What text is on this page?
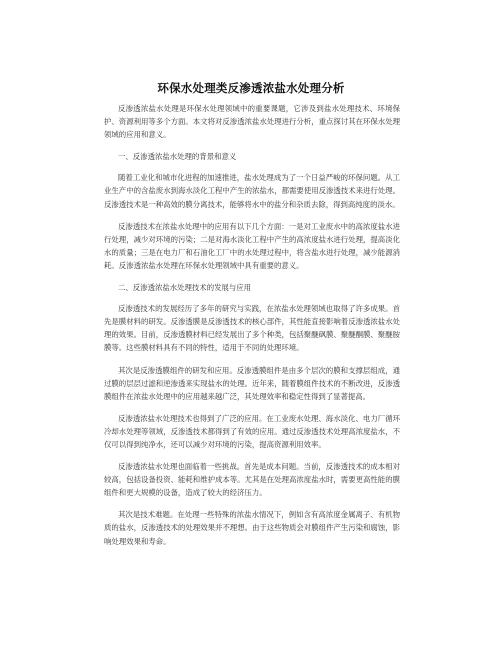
环保水处理类反渗透浓盐水处理分析

反渗透浓盐水处理是环保水处理领域中的重要课题，它涉及到盐水处理技术、环境保护、资源利用等多个方面。本文将对反渗透浓盐水处理进行分析，重点探讨其在环保水处理领域的应用和意义。

一、反渗透浓盐水处理的背景和意义

随着工业化和城市化进程的加速推进，盐水处理成为了一个日益严峻的环保问题。从工业生产中的含盐废水到海水淡化工程中产生的浓盐水，都需要使用反渗透技术来进行处理。反渗透技术是一种高效的膜分离技术，能够将水中的盐分和杂质去除，得到高纯度的淡水。

反渗透技术在浓盐水处理中的应用有以下几个方面：一是对工业废水中的高浓度盐水进行处理，减少对环境的污染；二是对海水淡化工程中产生的高浓度盐水进行处理，提高淡化水的质量；三是在电力厂和石油化工厂中的水处理过程中，将含盐水进行处理，减少能源消耗。反渗透浓盐水处理在环保水处理领域中具有重要的意义。

二、反渗透浓盐水处理技术的发展与应用

反渗透技术的发展经历了多年的研究与实践，在浓盐水处理领域也取得了许多成果。首先是膜材料的研发。反渗透膜是反渗透技术的核心部件，其性能直接影响着反渗透浓盐水处理的效果。目前，反渗透膜材料已经发展出了多个种类，包括聚醚砜膜、聚醚酮膜、聚醚胺膜等。这些膜材料具有不同的特性，适用于不同的处理环境。

其次是反渗透膜组件的研发和应用。反渗透膜组件是由多个层次的膜和支撑层组成，通过膜的层层过滤和逆渗透来实现盐水的处理。近年来，随着膜组件技术的不断改进，反渗透膜组件在浓盐水处理中的应用越来越广泛，其处理效率和稳定性得到了显著提高。

反渗透浓盐水处理技术也得到了广泛的应用。在工业废水处理、海水淡化、电力厂循环冷却水处理等领域，反渗透技术都得到了有效的应用。通过反渗透技术处理高浓度盐水，不仅可以得到纯净水，还可以减少对环境的污染，提高资源利用效率。

反渗透浓盐水处理也面临着一些挑战。首先是成本问题。当前，反渗透技术的成本相对较高，包括设备投资、能耗和维护成本等。尤其是在处理高浓度盐水时，需要更高性能的膜组件和更大规模的设备，造成了较大的经济压力。

其次是技术难题。在处理一些特殊的浓盐水情况下，例如含有高浓度金属离子、有机物质的盐水，反渗透技术的处理效果并不理想。由于这些物质会对膜组件产生污染和腐蚀，影响处理效果和寿命。
